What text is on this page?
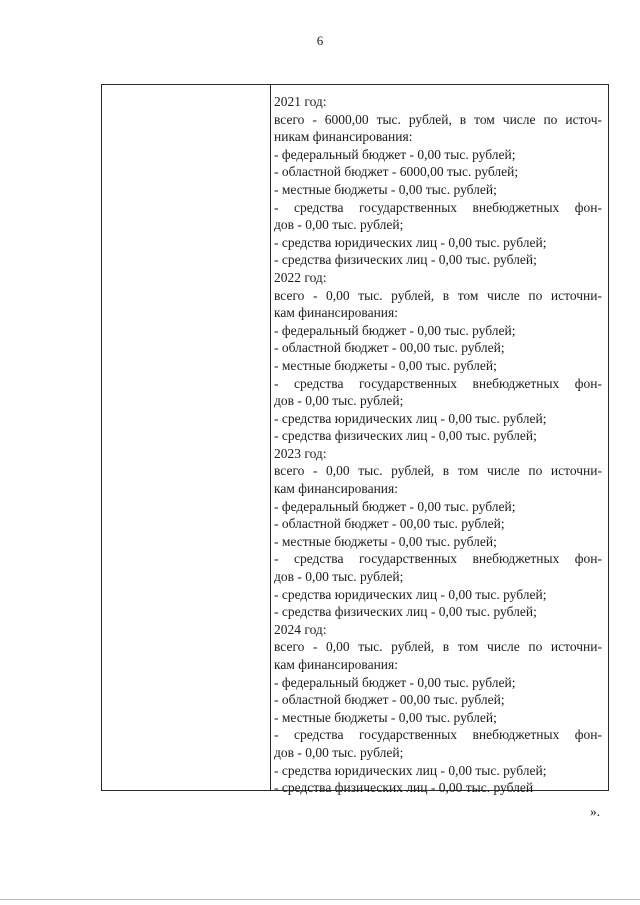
6
2021 год:
всего - 6000,00 тыс. рублей, в том числе по источ-
никам финансирования:
- федеральный бюджет - 0,00 тыс. рублей;
- областной бюджет - 6000,00 тыс. рублей;
- местные бюджеты - 0,00 тыс. рублей;
- средства государственных внебюджетных фон-
дов - 0,00 тыс. рублей;
- средства юридических лиц - 0,00 тыс. рублей;
- средства физических лиц - 0,00 тыс. рублей;
2022 год:
всего - 0,00 тыс. рублей, в том числе по источни-
кам финансирования:
- федеральный бюджет - 0,00 тыс. рублей;
- областной бюджет - 00,00 тыс. рублей;
- местные бюджеты - 0,00 тыс. рублей;
- средства государственных внебюджетных фон-
дов - 0,00 тыс. рублей;
- средства юридических лиц - 0,00 тыс. рублей;
- средства физических лиц - 0,00 тыс. рублей;
2023 год:
всего - 0,00 тыс. рублей, в том числе по источни-
кам финансирования:
- федеральный бюджет - 0,00 тыс. рублей;
- областной бюджет - 00,00 тыс. рублей;
- местные бюджеты - 0,00 тыс. рублей;
- средства государственных внебюджетных фон-
дов - 0,00 тыс. рублей;
- средства юридических лиц - 0,00 тыс. рублей;
- средства физических лиц - 0,00 тыс. рублей;
2024 год:
всего - 0,00 тыс. рублей, в том числе по источни-
кам финансирования:
- федеральный бюджет - 0,00 тыс. рублей;
- областной бюджет - 00,00 тыс. рублей;
- местные бюджеты - 0,00 тыс. рублей;
- средства государственных внебюджетных фон-
дов - 0,00 тыс. рублей;
- средства юридических лиц - 0,00 тыс. рублей;
- средства физических лиц - 0,00 тыс. рублей
».
